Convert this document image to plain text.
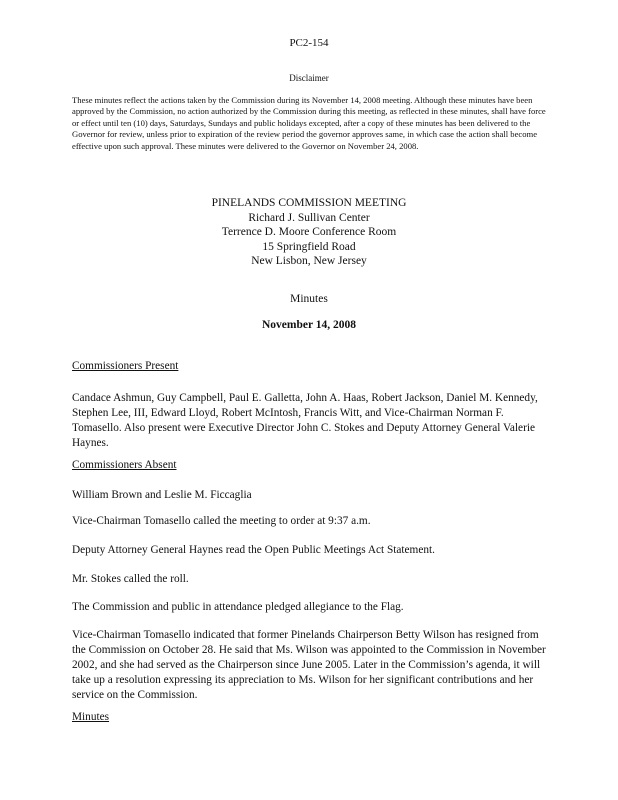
PC2-154
Disclaimer
These minutes reflect the actions taken by the Commission during its November 14, 2008 meeting. Although these minutes have been approved by the Commission, no action authorized by the Commission during this meeting, as reflected in these minutes, shall have force or effect until ten (10) days, Saturdays, Sundays and public holidays excepted, after a copy of these minutes has been delivered to the Governor for review, unless prior to expiration of the review period the governor approves same, in which case the action shall become effective upon such approval. These minutes were delivered to the Governor on November 24, 2008.
PINELANDS COMMISSION MEETING
Richard J. Sullivan Center
Terrence D. Moore Conference Room
15 Springfield Road
New Lisbon, New Jersey
Minutes
November 14, 2008

Commissioners Present

Candace Ashmun, Guy Campbell, Paul E. Galletta, John A. Haas, Robert Jackson, Daniel M. Kennedy, Stephen Lee, III, Edward Lloyd, Robert McIntosh, Francis Witt, and Vice-Chairman Norman F. Tomasello. Also present were Executive Director John C. Stokes and Deputy Attorney General Valerie Haynes.

Commissioners Absent

William Brown and Leslie M. Ficcaglia

Vice-Chairman Tomasello called the meeting to order at 9:37 a.m.

Deputy Attorney General Haynes read the Open Public Meetings Act Statement.

Mr. Stokes called the roll.

The Commission and public in attendance pledged allegiance to the Flag.

Vice-Chairman Tomasello indicated that former Pinelands Chairperson Betty Wilson has resigned from the Commission on October 28. He said that Ms. Wilson was appointed to the Commission in November 2002, and she had served as the Chairperson since June 2005. Later in the Commission’s agenda, it will take up a resolution expressing its appreciation to Ms. Wilson for her significant contributions and her service on the Commission.

Minutes
